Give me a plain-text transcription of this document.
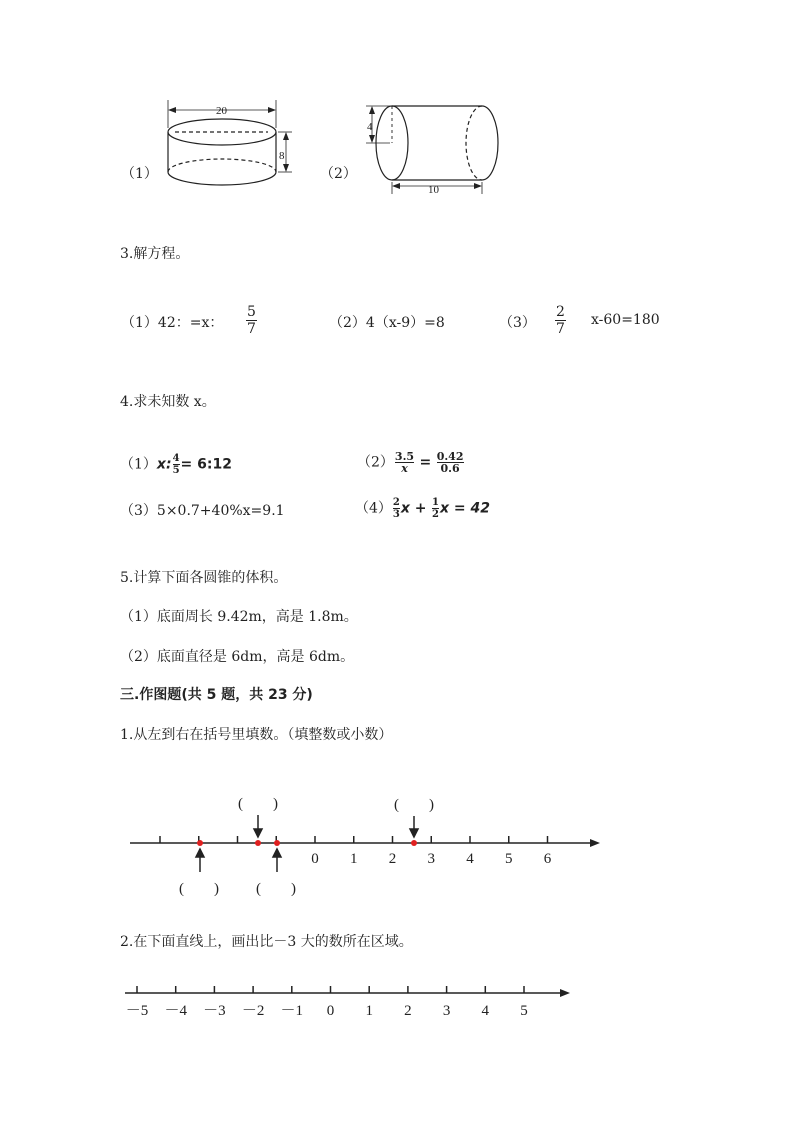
20
8
4
10
（1）	（2）
3.解方程。
（1）42：=x： $\frac{5}{7}$	（2）4（x-9）=8	$(3) \frac{2}{7} x-60=180$
4.求未知数 x。
（1）x: $\frac{4}{5}$ = 6:12	$(2) \frac{3.5}{x} = \frac{0.42}{0.6}$
（3）5×0.7+40%x=9.1	$(4) \frac{2}{3}$ $x + \frac{1}{2}$ x = 42
5.计算下面各圆锥的体积。
（1）底面周长 9.42m，高是 1.8m。
（2）底面直径是 6dm，高是 6dm。
三.作图题(共 5 题，共 23 分)
1.从左到右在括号里填数。（填整数或小数）
0 1 2 3 4 5 6
(　　)	(　　)
(　　) (　　)
2.在下面直线上，画出比－3 大的数所在区域。
－5 －4 －3 －2 －1 0 1 2 3 4 5
